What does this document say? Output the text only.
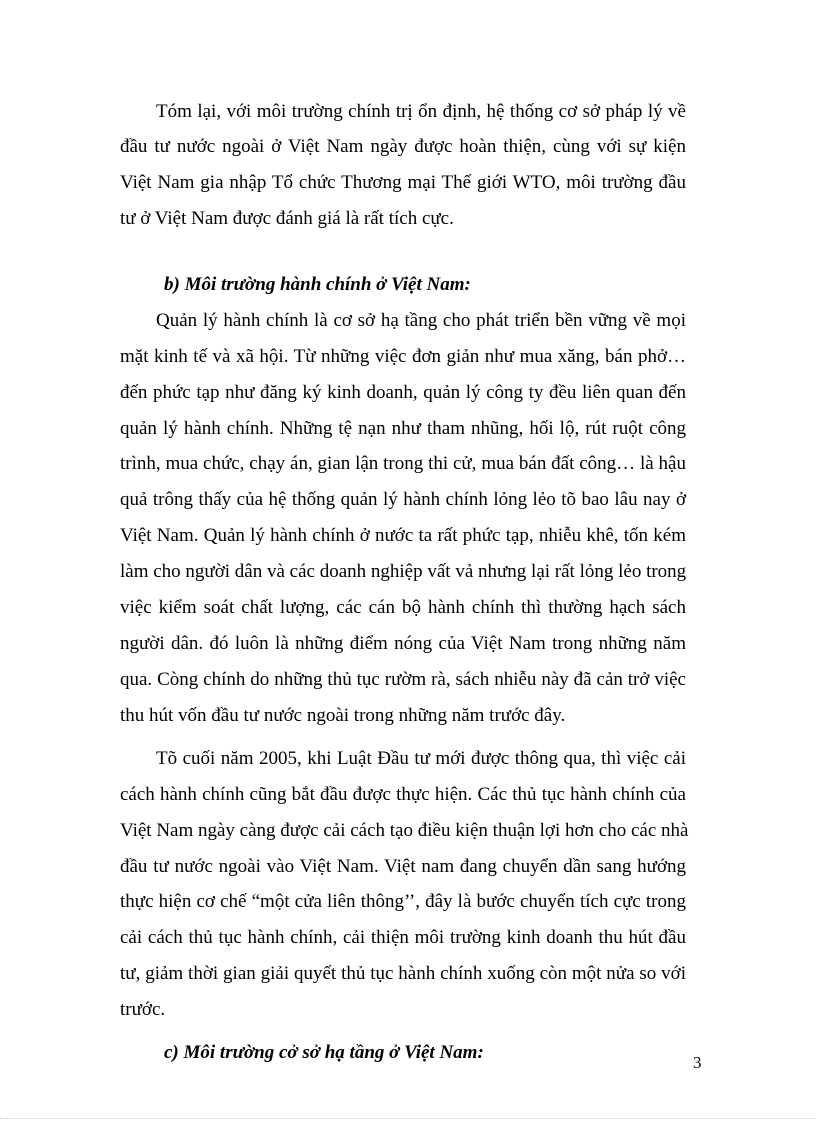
Tóm lại, với môi trường chính trị ổn định, hệ thống cơ sở pháp lý về
đầu tư nước ngoài ở Việt Nam ngày được hoàn thiện, cùng với sự kiện
Việt Nam gia nhập Tổ chức Thương mại Thế giới WTO, môi trường đầu
tư ở Việt Nam được đánh giá là rất tích cực.
b) Môi trường hành chính ở Việt Nam:
Quản lý hành chính là cơ sở hạ tầng cho phát triển bền vững về mọi
mặt kinh tế và xã hội. Từ những việc đơn giản như mua xăng, bán phở…
đến phức tạp như đăng ký kinh doanh, quản lý công ty đều liên quan đến
quản lý hành chính. Những tệ nạn như tham nhũng, hối lộ, rút ruột công
trình, mua chức, chạy án, gian lận trong thi cử, mua bán đất công… là hậu
quả trông thấy của hệ thống quản lý hành chính lỏng lẻo tõ bao lâu nay ở
Việt Nam. Quản lý hành chính ở nước ta rất phức tạp, nhiễu khê, tốn kém
làm cho người dân và các doanh nghiệp vất vả nhưng lại rất lỏng lẻo trong
việc kiểm soát chất lượng, các cán bộ hành chính thì thường hạch sách
người dân. đó luôn là những điểm nóng của Việt Nam trong những năm
qua. Còng chính do những thủ tục rườm rà, sách nhiễu này đã cản trở việc
thu hút vốn đầu tư nước ngoài trong những năm trước đây.
Tõ cuối năm 2005, khi Luật Đầu tư mới được thông qua, thì việc cải
cách hành chính cũng bắt đầu được thực hiện. Các thủ tục hành chính của
Việt Nam ngày càng được cải cách tạo điều kiện thuận lợi hơn cho các nhà
đầu tư nước ngoài vào Việt Nam. Việt nam đang chuyển dần sang hướng
thực hiện cơ chế “một cửa liên thông’’, đây là bước chuyển tích cực trong
cải cách thủ tục hành chính, cải thiện môi trường kinh doanh thu hút đầu
tư, giảm thời gian giải quyết thủ tục hành chính xuống còn một nửa so với
trước.
c) Môi trường cở sở hạ tầng ở Việt Nam:	3
